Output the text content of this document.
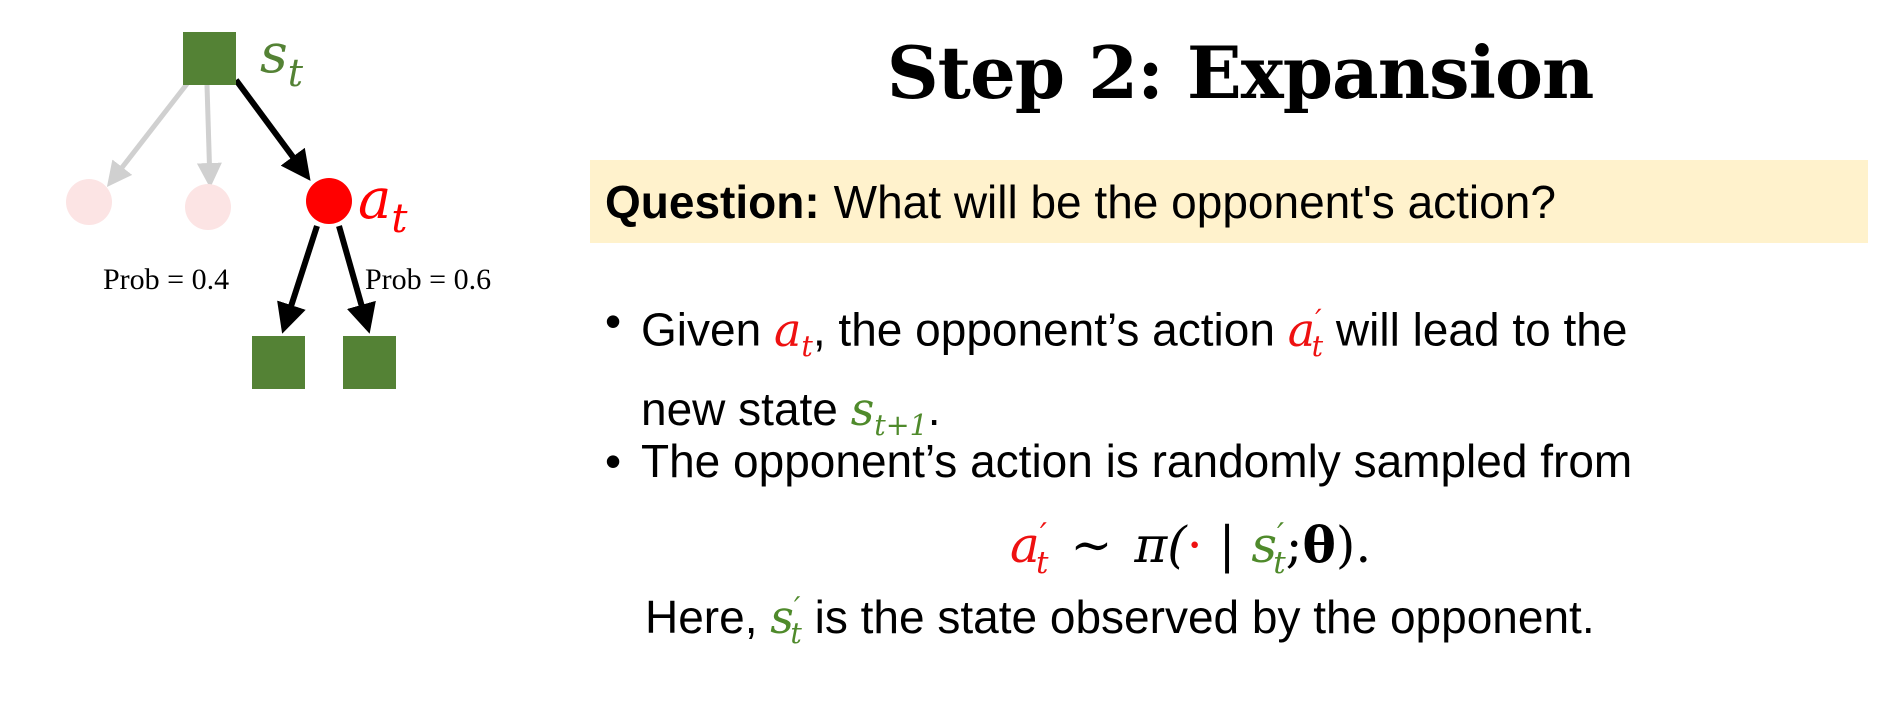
$s_t$
$a_t$
Prob = 0.4	Prob = 0.6
Step 2: Expansion
Question: What will be the opponent's action?
• Given $a_t$, the opponent’s action $a'_t$ will lead to the
new state $s_{t+1}$.
• The opponent’s action is randomly sampled from
$a'_t$ ∼ π(· | $s'_t;\theta$).
Here, $s'_t$ is the state observed by the opponent.
